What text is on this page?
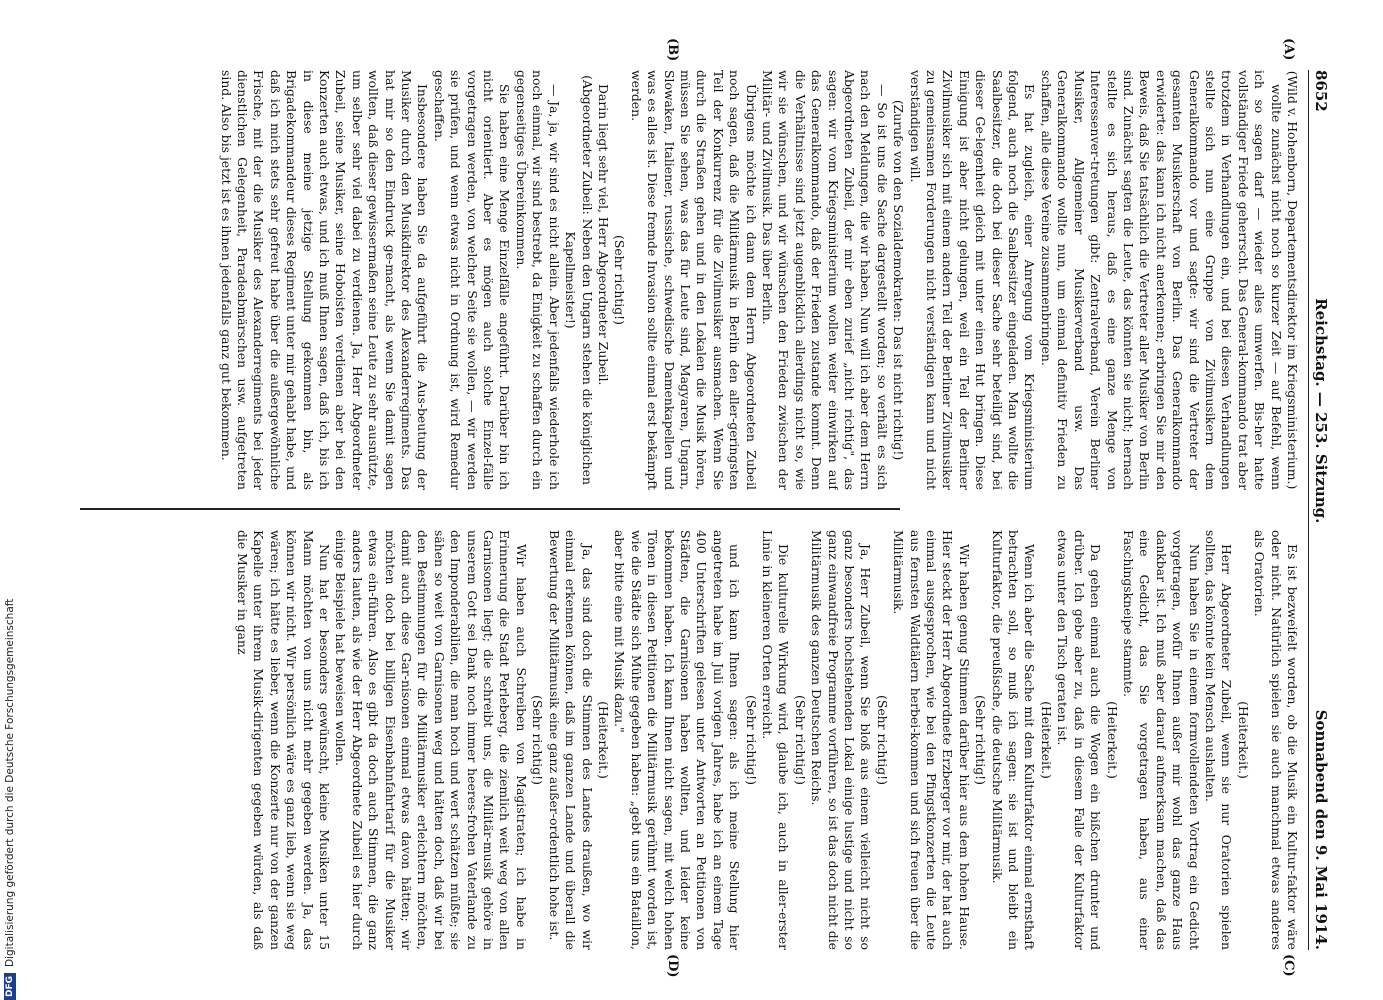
8652
Reichstag. — 253. Sitzung.
Sonnabend den 9. Mai 1914.

(Wild v. Hohenborn, Departementsdirektor im Kriegsministerium.)

wollte zunächst nicht noch so kurzer Zeit — auf Befehl, wenn ich so sagen darf — wieder alles umwerfen. Bis-her hatte vollständiger Friede geherrscht. Das General-kommando trat aber trotzdem in Verhandlungen ein, und bei diesen Verhandlungen stellte sich nun eine Gruppe von Zivilmusikern dem Generalkommando vor und sagte: wir sind die Vertreter der gesamten Musikerschaft von Berlin. Das Generalkommando erwiderte: das kann ich nicht anerkennen; erbringen Sie mir den Beweis, daß Sie tatsächlich die Vertreter aller Musiker von Berlin sind. Zunächst sagten die Leute, das könnten sie nicht; hernach stellte es sich heraus, daß es eine ganze Menge von Interessenver-tretungen gibt: Zentralverband, Verein Berliner Musiker, Allgemeiner Musikerverband usw. Das Generalkommando wollte nun, um einmal definitiv Frieden zu schaffen, alle diese Vereine zusammenbringen.

Es hat zugleich, einer Anregung vom Kriegsministerium folgend, auch noch die Saalbesitzer eingeladen. Man wollte die Saalbesitzer, die doch bei dieser Sache sehr beteiligt sind, bei dieser Ge-legenheit gleich mit unter einen Hut bringen. Diese Einigung ist aber nicht gelungen, weil ein Teil der Berliner Zivilmusiker sich mit einem andern Teil der Berliner Zivilmusiker zu gemeinsamen Forderungen nicht verständigen kann und nicht verständigen will.

(Zurufe von den Sozialdemokraten: Das ist nicht richtig!)

— So ist uns die Sache dargestellt worden; so verhält es sich nach den Meldungen, die wir haben. Nun will ich aber dem Herrn Abgeordneten Zubeil, der mir eben zurief „nicht richtig", das sagen: wir vom Kriegsministerium wollen weiter einwirken auf das Generalkommando, daß der Frieden zustande kommt. Denn die Verhältnisse sind jetzt augenblicklich allerdings nicht so, wie wir sie wünschen, und wir wünschen den Frieden zwischen der Militär- und Zivilmusik. Das über Berlin.

Übrigens möchte ich dann dem Herrn Abgeordneten Zubeil noch sagen, daß die Militärmusik in Berlin den aller-geringsten Teil der Konkurrenz für die Zivilmusiker ausmachen. Wenn Sie durch die Straßen gehen und in den Lokalen die Musik hören, müssen Sie sehen, was das für Leute sind, Magyaren, Ungarn, Slowaken, Italiener, russische, schwedische Damenkapellen und was es alles ist. Diese fremde Invasion sollte einmal erst bekämpft werden.

(Sehr richtig!)

Darin liegt sehr viel, Herr Abgeordneter Zubeil.

(Abgeordneter Zubeil: Neben den Ungarn stehen die königlichen Kapellmeister!)

— Ja, ja, wir sind es nicht allein. Aber jedenfalls wiederhole ich noch einmal, wir sind bestrebt, da Einigkeit zu schaffen durch ein gegenseitiges Übereinkommen.

Sie haben eine Menge Einzelfälle angeführt. Darüber bin ich nicht orientiert. Aber es mögen auch solche Einzel-fälle vorgetragen werden, von welcher Seite sie wollen, — wir werden sie prüfen, und wenn etwas nicht in Ordnung ist, wird Remedur geschaffen.

Insbesondere haben Sie da aufgeführt die Aus-beutung der Musiker durch den Musikdirektor des Alexanderregiments. Das hat mir so den Eindruck ge-macht, als wenn Sie damit sagen wollten, daß dieser gewissermaßen seine Leute zu sehr ausnützte, um selber sehr viel dabei zu verdienen. Ja, Herr Abgeordneter Zubeil, seine Musiker, seine Hoboisten verdienen aber bei den Konzerten auch etwas, und ich muß Ihnen sagen, daß ich, bis ich in diese meine jetzige Stellung gekommen bin, als Brigadekommandeur dieses Regiment unter mir gehabt habe, und daß ich mich stets sehr gefreut habe über die außergewöhnliche Frische, mit der die Musiker des Alexanderregiments bei jeder dienstlichen Gelegenheit, Paradeabmärschen usw. aufgetreten sind. Also bis jetzt ist es ihnen jedenfalls ganz gut bekommen.

Es ist bezweifelt worden, ob die Musik ein Kultur-faktor wäre oder nicht. Natürlich spielen sie auch manchmal etwas anderes als Oratorien.

(Heiterkeit.)

Herr Abgeordneter Zubeil, wenn sie nur Oratorien spielen sollten, das könnte kein Mensch aushalten.

Nun haben Sie in einem formvollendeten Vortrag ein Gedicht vorgetragen, wofür Ihnen außer mir wohl das ganze Haus dankbar ist. Ich muß aber darauf aufmerksam machen, daß das eine Gedicht, das Sie vorgetragen haben, aus einer Faschingskneipe stammte.

(Heiterkeit.)

Da gehen einmal auch die Wogen ein bißchen drunter und drüber. Ich gebe aber zu, daß in diesem Falle der Kulturfaktor etwas unter den Tisch geraten ist.

(Heiterkeit.)

Wenn ich aber die Sache mit dem Kulturfaktor einmal ernsthaft betrachten soll, so muß ich sagen: sie ist und bleibt ein Kulturfaktor, die preußische, die deutsche Militärmusik.

(Sehr richtig!)

Wir haben genug Stimmen darüber hier aus dem hohen Hause. Hier steckt der Herr Abgeordnete Erzberger vor mir, der hat auch einmal ausgesprochen, wie bei den Pfingstkonzerten die Leute aus fernsten Waldtälern herbei-kommen und sich freuen über die Militärmusik.

(Sehr richtig!)

Ja, Herr Zubeil, wenn Sie bloß aus einem vielleicht nicht so ganz besonders hochstehenden Lokal einige lustige und nicht so ganz einwandfreie Programme vorführen, so ist das doch nicht die Militärmusik des ganzen Deutschen Reichs.

(Sehr richtig!)

Die kulturelle Wirkung wird, glaube ich, auch in aller-erster Linie in kleineren Orten erreicht.

(Sehr richtig!)

und ich kann Ihnen sagen: als ich meine Stellung hier angetreten habe im Juli vorigen Jahres, habe ich an einem Tage 400 Unterschriften gelesen unter Antworten an Petitionen von Städten, die Garnisonen haben wollten, und leider keine bekommen haben. Ich kann Ihnen nicht sagen, mit welch hohen Tönen in diesen Petitionen die Militärmusik gerühmt worden ist, wie die Städte sich Mühe gegeben haben: „gebt uns ein Bataillon, aber bitte eine mit Musik dazu."

(Heiterkeit.)

Ja, das sind doch die Stimmen des Landes draußen, wo wir einmal erkennen können, daß im ganzen Lande und überall die Bewertung der Militärmusik eine ganz außer-ordentlich hohe ist.

(Sehr richtig!)

Wir haben auch Schreiben von Magistraten; ich habe in Erinnerung die Stadt Perleberg, die ziemlich weit weg von allen Garnisonen liegt; die schreibt uns, die Militär-musik gehöre in unserem Gott sei Dank noch immer heeres-frohen Vaterlande zu den Imponderabilien, die man hoch und wert schätzen müßte; sie sähen so weit von Garnisonen weg und hätten doch, daß wir bei den Bestimmungen für die Militärmusiker erleichtern möchten, damit auch diese Gar-nisonen einmal etwas davon hätten; wir möchten doch bei billigen Eisenbahnfahrtarif für die Musiker etwas ein-führen. Also es gibt da doch auch Stimmen, die ganz anders lauten, als wie der Herr Abgeordnete Zubeil es hier durch einige Beispiele hat beweisen wollen.

Nun hat er besonders gewünscht, kleine Musiken unter 15 Mann möchten von uns nicht mehr gegeben werden. Ja, das können wir nicht. Wir persönlich wäre es ganz lieb, wenn sie weg wären; ich hätte es lieber, wenn die Konzerte nur von der ganzen Kapelle unter ihrem Musik-dirigenten gegeben würden, als daß die Musiker in ganz

(A)
(B)
(C)
(D)
DFG
Digitalisierung gefördert durch die Deutsche Forschungsgemeinschaft
